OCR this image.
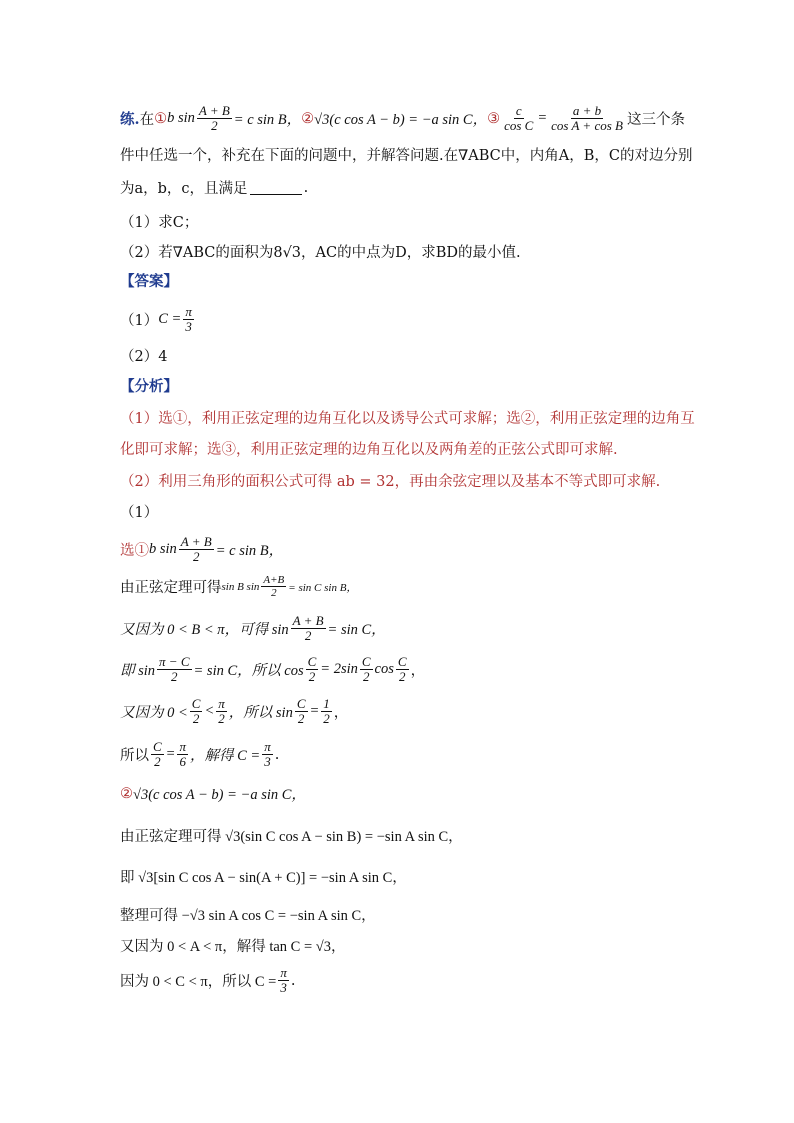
练. 在 ① b $\sin \frac{A + B}{2} = c$ sin B， ② √3(c cos A − b) = −a sin C， ③ $\frac{c}{\text{cos C}} = \frac{a + b}{\text{cos A + cos B}}$ 这三个条
件中任选一个，补充在下面的问题中，并解答问题.在∇ABC中，内角A，B，C的对边分别
为a，b，c，且满足	.
（1）求C；
（2）若∇ABC的面积为8√3，AC的中点为D，求BD的最小值.
【答案】
（1） $C = \frac{\pi}{3}$
（2）4
【分析】
（1）选①，利用正弦定理的边角互化以及诱导公式可求解；选②，利用正弦定理的边角互
化即可求解；选③，利用正弦定理的边角互化以及两角差的正弦公式即可求解.
（2）利用三角形的面积公式可得 ab = 32，再由余弦定理以及基本不等式即可求解.
（1）
选① b $\sin \frac{A + B}{2} = c$ sin B，
由正弦定理可得 sin B $\sin \frac{A+B}{2} = \sin C$ sin B，
又因为 0 < B < π，可得 $\sin \frac{A + B}{2} = \sin C$，
即 $\sin \frac{\pi - C}{2} = \sin C$，所以 $\cos \frac{C}{2} = 2\sin \frac{C}{2}$ $\cos \frac{C}{2}$ ，
又因为 $0 < \frac{C}{2} < \frac{\pi}{2}$ ，所以 $\sin \frac{C}{2} = \frac{1}{2}$ ，
所以 $\frac{C}{2} = \frac{\pi}{6}$ ，解得 $C = \frac{\pi}{3}$ .
② √3(c cos A − b) = −a sin C，
由正弦定理可得 √3(sin C cos A − sin B) = −sin A sin C，
即 √3[sin C cos A − sin(A + C)] = −sin A sin C，
整理可得 −√3 sin A cos C = −sin A sin C，
又因为 0 < A < π，解得 tan C = √3，
因为 0 < C < π，所以 $C = \frac{\pi}{3}$ .
